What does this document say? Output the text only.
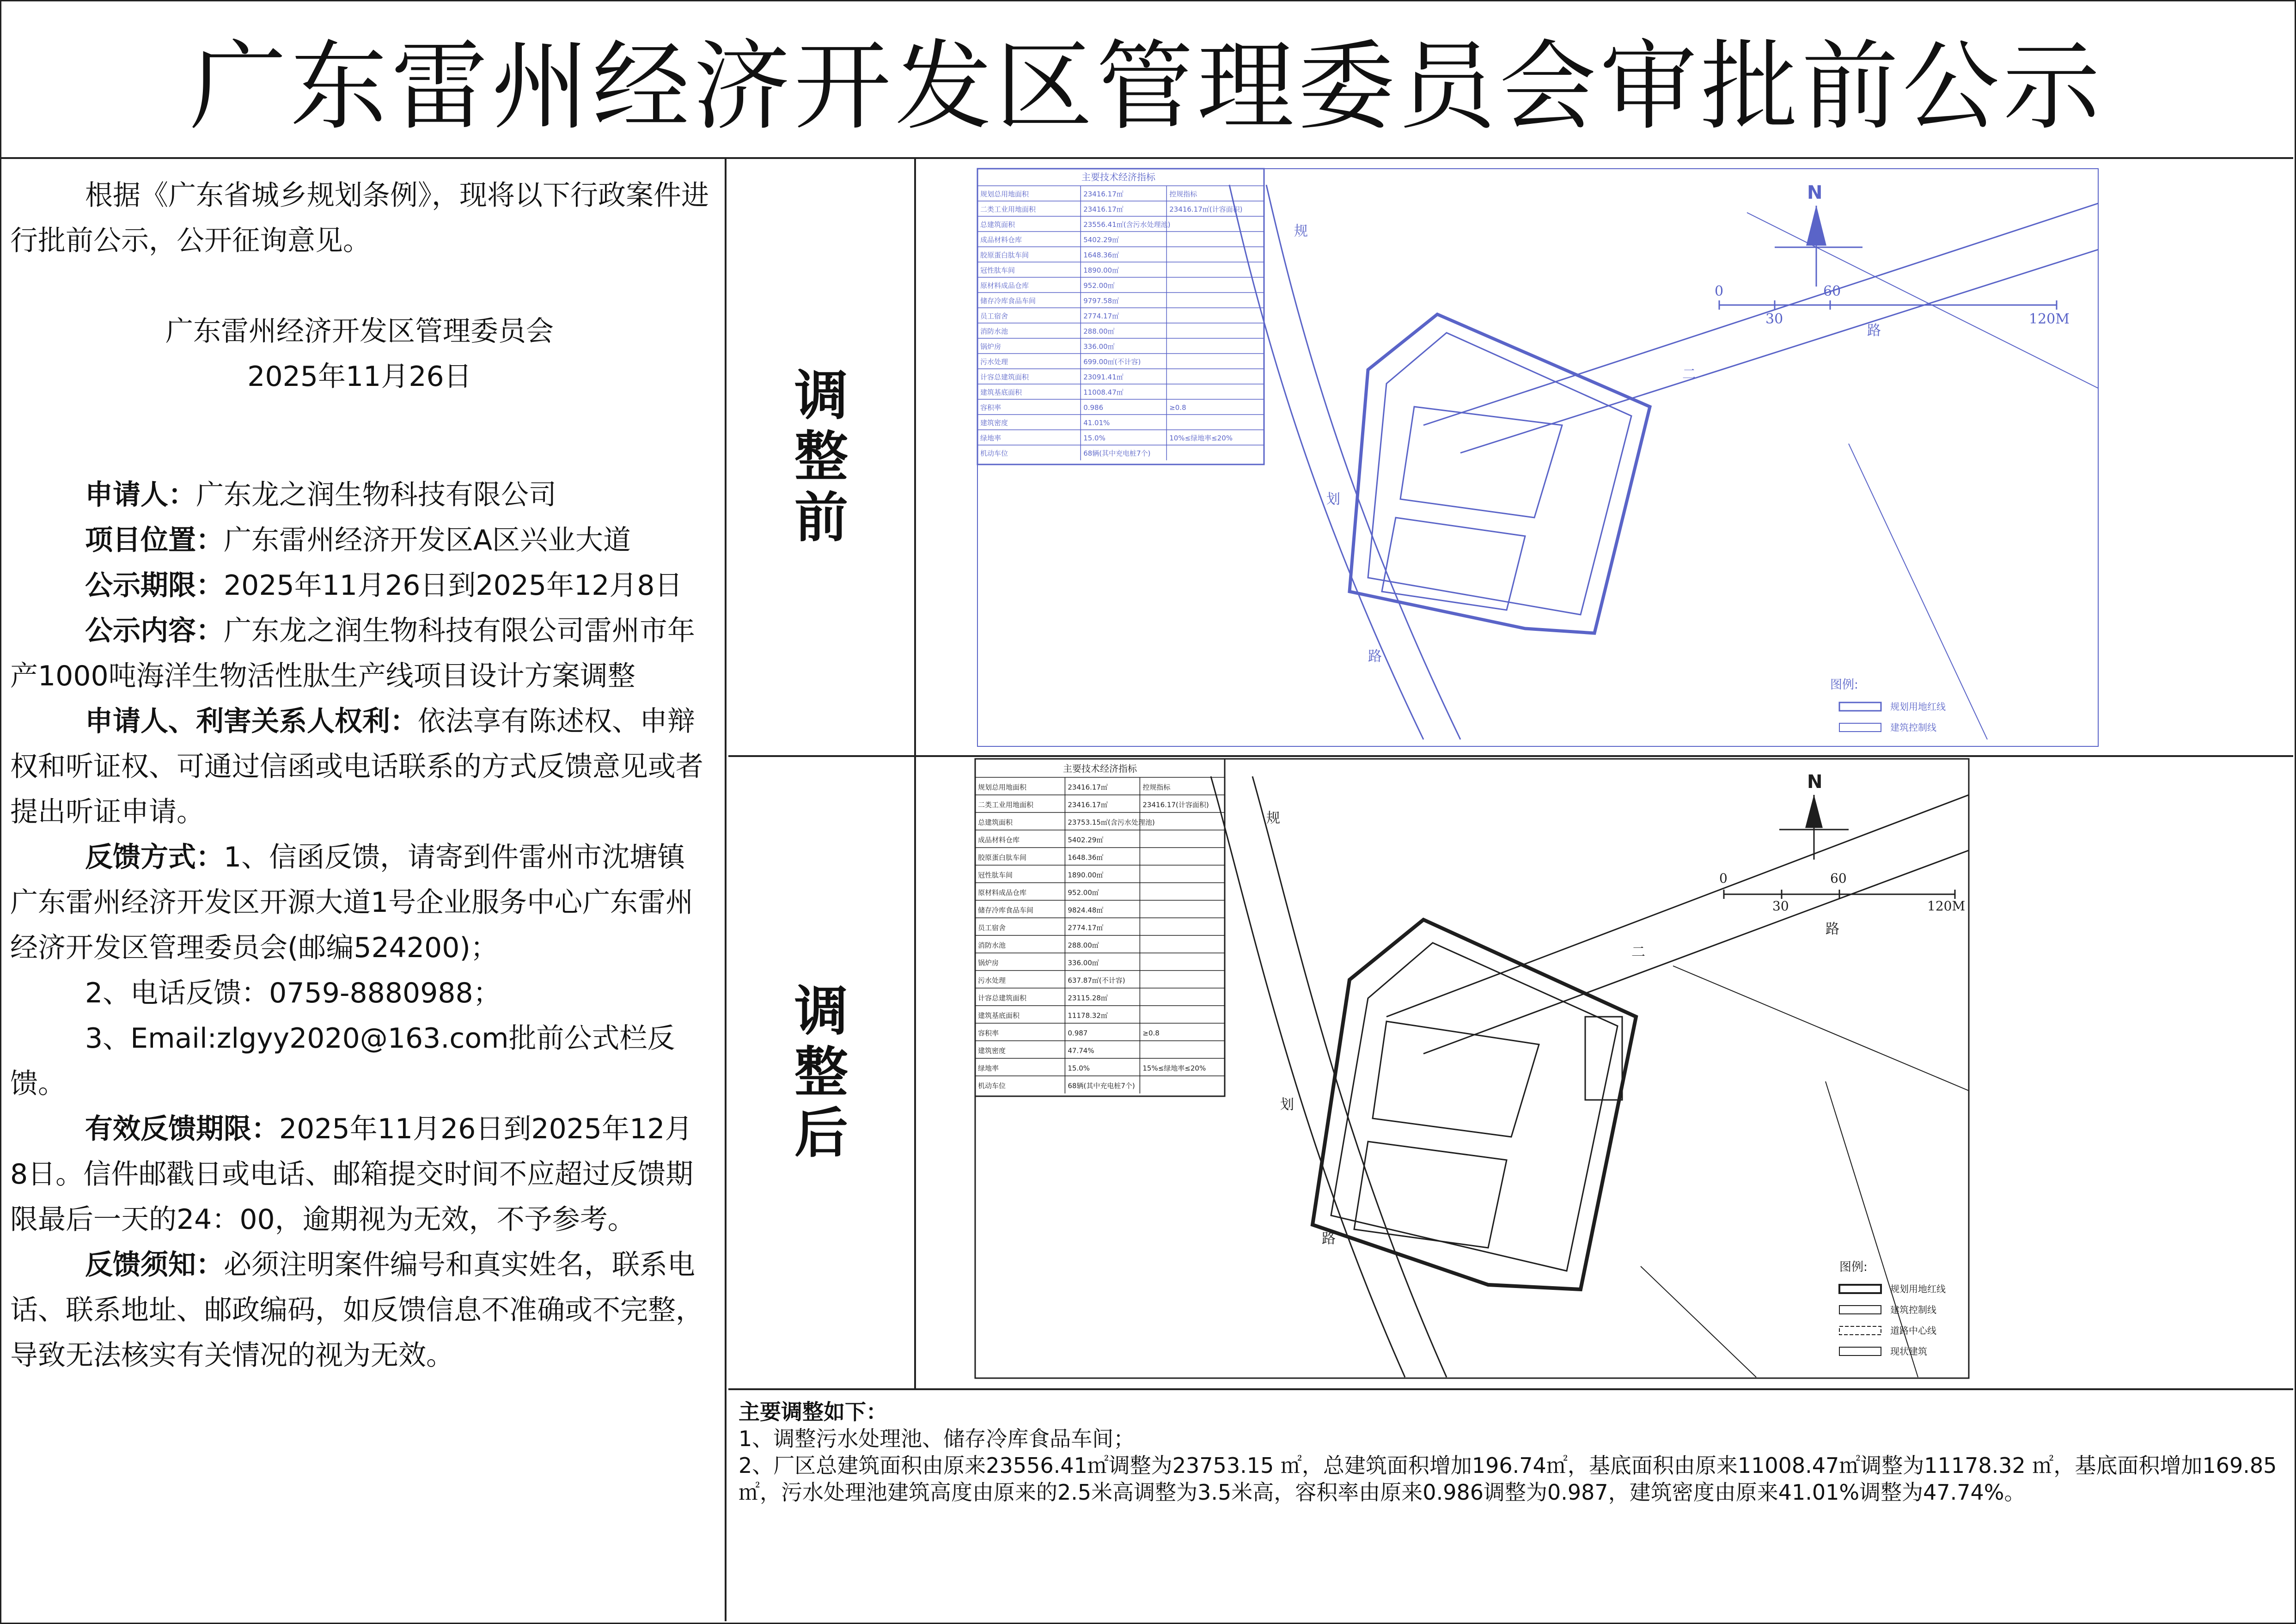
广东雷州经济开发区管理委员会审批前公示

根据《广东省城乡规划条例》，现将以下行政案件进行批前公示，公开征询意见。

广东雷州经济开发区管理委员会

2025年11月26日

申请人：广东龙之润生物科技有限公司

项目位置：广东雷州经济开发区A区兴业大道

公示期限：2025年11月26日到2025年12月8日

公示内容：广东龙之润生物科技有限公司雷州市年产1000吨海洋生物活性肽生产线项目设计方案调整

申请人、利害关系人权利：依法享有陈述权、申辩权和听证权、可通过信函或电话联系的方式反馈意见或者提出听证申请。

反馈方式：1、信函反馈，请寄到件雷州市沈塘镇广东雷州经济开发区开源大道1号企业服务中心广东雷州经济开发区管理委员会(邮编524200)；

2、电话反馈：0759-8880988；

3、Email:zlgyy2020@163.com批前公式栏反馈。

有效反馈期限：2025年11月26日到2025年12月8日。信件邮戳日或电话、邮箱提交时间不应超过反馈期限最后一天的24：00，逾期视为无效，不予参考。

反馈须知：必须注明案件编号和真实姓名，联系电话、联系地址、邮政编码，如反馈信息不准确或不完整，导致无法核实有关情况的视为无效。

调
整
前
调
整
后
主要技术经济指标
规划总用地面积	23416.17㎡	控规指标
二类工业用地面积	23416.17㎡	23416.17㎡(计容面积)
总建筑面积	23556.41㎡(含污水处理池)
成品材料仓库	5402.29㎡
胶原蛋白肽车间	1648.36㎡
冠性肽车间	1890.00㎡
原材料成品仓库	952.00㎡
储存冷库食品车间	9797.58㎡
员工宿舍	2774.17㎡
消防水池	288.00㎡
锅炉房	336.00㎡
污水处理	699.00㎡(不计容)
计容总建筑面积	23091.41㎡
建筑基底面积	11008.47㎡
容积率	0.986	≥0.8
建筑密度	41.01%
绿地率	15.0%	10%≤绿地率≤20%
机动车位	68辆(其中充电桩7个)
N
0
30
60
120M
规
划
路
二
路
图例:
规划用地红线
建筑控制线
主要技术经济指标
规划总用地面积	23416.17㎡	控规指标
二类工业用地面积	23416.17㎡	23416.17(计容面积)
总建筑面积	23753.15㎡(含污水处理池)
成品材料仓库	5402.29㎡
胶原蛋白肽车间	1648.36㎡
冠性肽车间	1890.00㎡
原材料成品仓库	952.00㎡
储存冷库食品车间	9824.48㎡
员工宿舍	2774.17㎡
消防水池	288.00㎡
锅炉房	336.00㎡
污水处理	637.87㎡(不计容)
计容总建筑面积	23115.28㎡
建筑基底面积	11178.32㎡
容积率	0.987	≥0.8
建筑密度	47.74%
绿地率	15.0%	15%≤绿地率≤20%
机动车位	68辆(其中充电桩7个)
N
0
30
60
120M
规
划
路
二
路
图例:
规划用地红线
建筑控制线
道路中心线
现状建筑
主要调整如下：
1、调整污水处理池、储存冷库食品车间；
2、厂区总建筑面积由原来23556.41㎡调整为23753.15 ㎡，总建筑面积增加196.74㎡，基底面积由原来11008.47㎡调整为11178.32 ㎡，基底面积增加169.85㎡，污水处理池建筑高度由原来的2.5米高调整为3.5米高，容积率由原来0.986调整为0.987，建筑密度由原来41.01%调整为47.74%。
